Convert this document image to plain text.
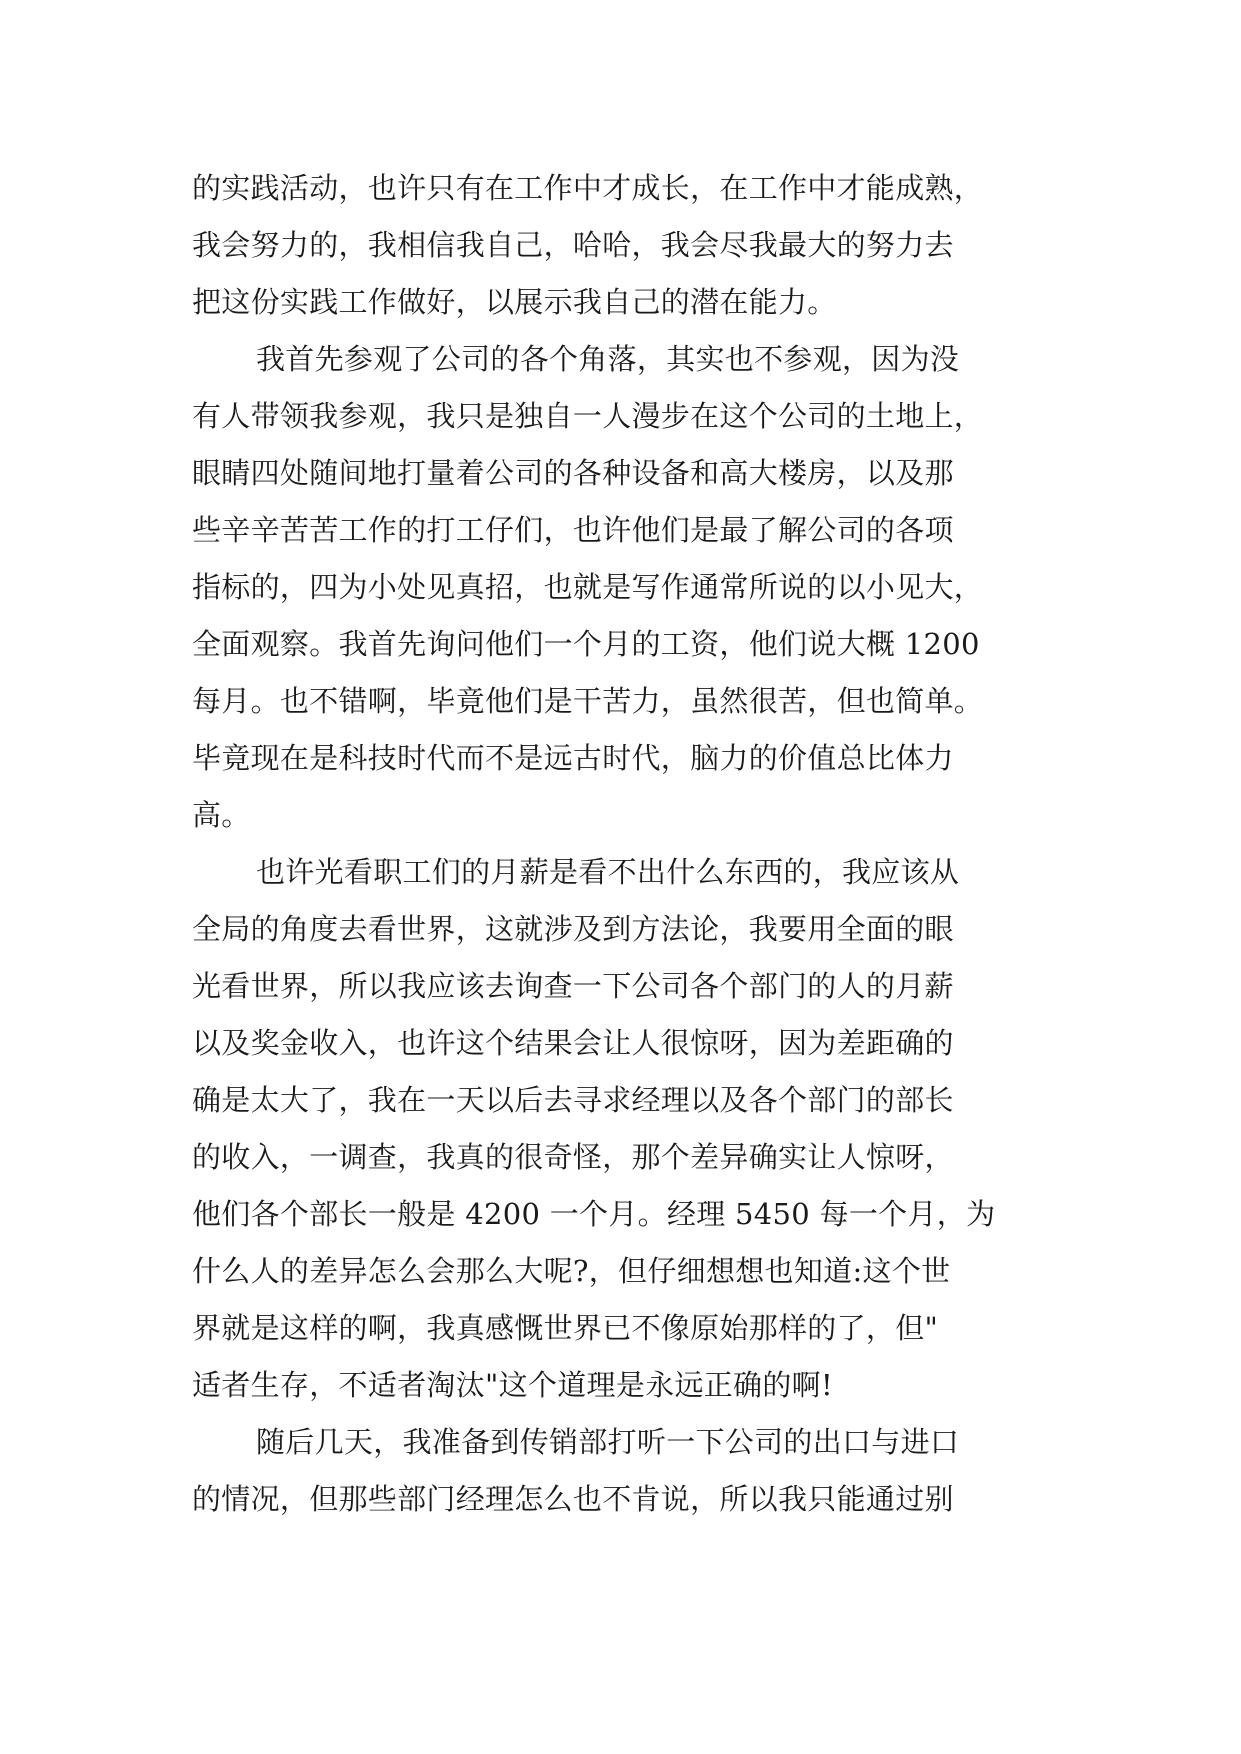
的实践活动，也许只有在工作中才成长，在工作中才能成熟，
我会努力的，我相信我自己，哈哈，我会尽我最大的努力去
把这份实践工作做好，以展示我自己的潜在能力。
我首先参观了公司的各个角落，其实也不参观，因为没
有人带领我参观，我只是独自一人漫步在这个公司的土地上，
眼睛四处随间地打量着公司的各种设备和高大楼房，以及那
些辛辛苦苦工作的打工仔们，也许他们是最了解公司的各项
指标的，四为小处见真招，也就是写作通常所说的以小见大，
全面观察。我首先询问他们一个月的工资，他们说大概 1200
每月。也不错啊，毕竟他们是干苦力，虽然很苦，但也简单。
毕竟现在是科技时代而不是远古时代，脑力的价值总比体力
高。
也许光看职工们的月薪是看不出什么东西的，我应该从
全局的角度去看世界，这就涉及到方法论，我要用全面的眼
光看世界，所以我应该去询查一下公司各个部门的人的月薪
以及奖金收入，也许这个结果会让人很惊呀，因为差距确的
确是太大了，我在一天以后去寻求经理以及各个部门的部长
的收入，一调查，我真的很奇怪，那个差异确实让人惊呀，
他们各个部长一般是 4200 一个月。经理 5450 每一个月，为
什么人的差异怎么会那么大呢?，但仔细想想也知道:这个世
界就是这样的啊，我真感慨世界已不像原始那样的了，但"
适者生存，不适者淘汰"这个道理是永远正确的啊!
随后几天，我准备到传销部打听一下公司的出口与进口
的情况，但那些部门经理怎么也不肯说，所以我只能通过别
